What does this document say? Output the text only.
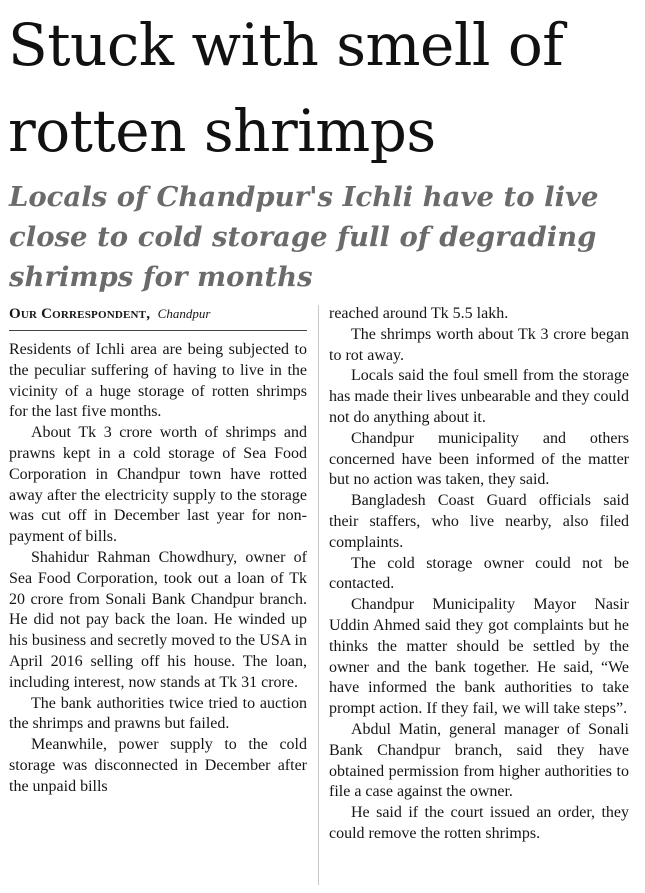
Stuck with smell of rotten shrimps
Locals of Chandpur's Ichli have to live close to cold storage full of degrading shrimps for months
Our Correspondent, Chandpur

Residents of Ichli area are being subjected to the peculiar suffering of having to live in the vicinity of a huge storage of rotten shrimps for the last five months.

About Tk 3 crore worth of shrimps and prawns kept in a cold storage of Sea Food Corporation in Chandpur town have rotted away after the electricity supply to the storage was cut off in December last year for non-payment of bills.

Shahidur Rahman Chowdhury, owner of Sea Food Corporation, took out a loan of Tk 20 crore from Sonali Bank Chandpur branch. He did not pay back the loan. He winded up his business and secretly moved to the USA in April 2016 selling off his house. The loan, including interest, now stands at Tk 31 crore.

The bank authorities twice tried to auction the shrimps and prawns but failed.

Meanwhile, power supply to the cold storage was disconnected in December after the unpaid bills

reached around Tk 5.5 lakh.

The shrimps worth about Tk 3 crore began to rot away.

Locals said the foul smell from the storage has made their lives unbearable and they could not do anything about it.

Chandpur municipality and others concerned have been informed of the matter but no action was taken, they said.

Bangladesh Coast Guard officials said their staffers, who live nearby, also filed complaints.

The cold storage owner could not be contacted.

Chandpur Municipality Mayor Nasir Uddin Ahmed said they got complaints but he thinks the matter should be settled by the owner and the bank together. He said, “We have informed the bank authorities to take prompt action. If they fail, we will take steps”.

Abdul Matin, general manager of Sonali Bank Chandpur branch, said they have obtained permission from higher authorities to file a case against the owner.

He said if the court issued an order, they could remove the rotten shrimps.
